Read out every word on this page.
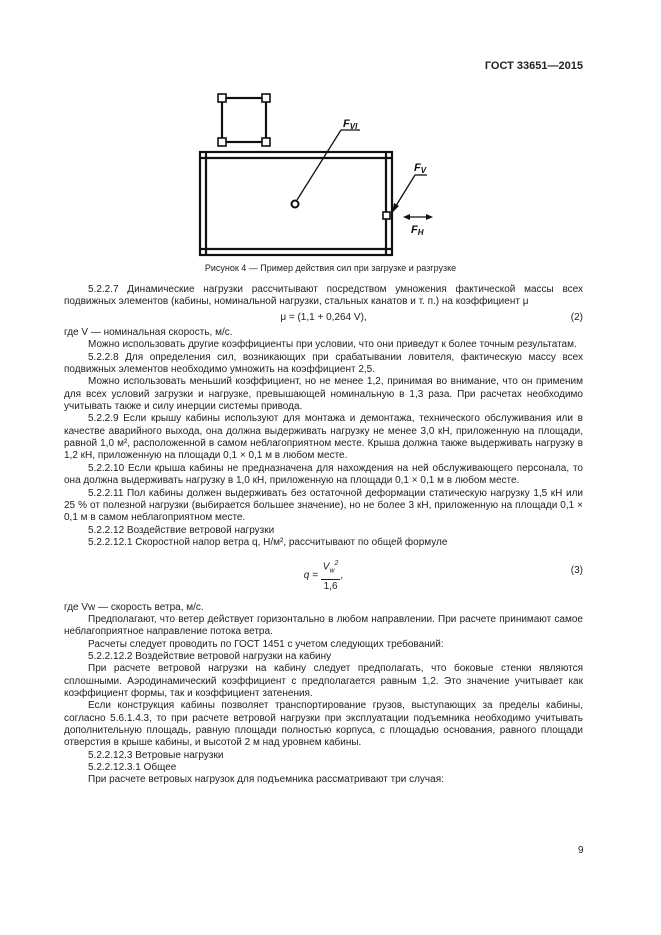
ГОСТ 33651—2015
FVI
FV
FH
Рисунок 4 — Пример действия сил при загрузке и разгрузке

5.2.2.7 Динамические нагрузки рассчитывают посредством умножения фактической массы всех подвижных элементов (кабины, номинальной нагрузки, стальных канатов и т. п.) на коэффициент μ

μ = (1,1 + 0,264 V),	(2)

где V — номинальная скорость, м/с.

Можно использовать другие коэффициенты при условии, что они приведут к более точным результатам.

5.2.2.8 Для определения сил, возникающих при срабатывании ловителя, фактическую массу всех подвижных элементов необходимо умножить на коэффициент 2,5.

Можно использовать меньший коэффициент, но не менее 1,2, принимая во внимание, что он применим для всех условий загрузки и нагрузке, превышающей номинальную в 1,3 раза. При расчетах необходимо учитывать также и силу инерции системы привода.

5.2.2.9 Если крышу кабины используют для монтажа и демонтажа, технического обслуживания или в качестве аварийного выхода, она должна выдерживать нагрузку не менее 3,0 кН, приложенную на площади, равной 1,0 м², расположенной в самом неблагоприятном месте. Крыша должна также выдерживать нагрузку в 1,2 кН, приложенную на площади 0,1 × 0,1 м в любом месте.

5.2.2.10 Если крыша кабины не предназначена для нахождения на ней обслуживающего персонала, то она должна выдерживать нагрузку в 1,0 кН, приложенную на площади 0,1 × 0,1 м в любом месте.

5.2.2.11 Пол кабины должен выдерживать без остаточной деформации статическую нагрузку 1,5 кН или 25 % от полезной нагрузки (выбирается большее значение), но не более 3 кН, приложенную на площади 0,1 × 0,1 м в самом неблагоприятном месте.

5.2.2.12 Воздействие ветровой нагрузки

5.2.2.12.1 Скоростной напор ветра q, Н/м², рассчитывают по общей формуле

$q = \frac{V_w^2}{1,6}$ ,	(3)

где Vw — скорость ветра, м/с.

Предполагают, что ветер действует горизонтально в любом направлении. При расчете принимают самое неблагоприятное направление потока ветра.

Расчеты следует проводить по ГОСТ 1451 с учетом следующих требований:

5.2.2.12.2 Воздействие ветровой нагрузки на кабину

При расчете ветровой нагрузки на кабину следует предполагать, что боковые стенки являются сплошными. Аэродинамический коэффициент с предполагается равным 1,2. Это значение учитывает как коэффициент формы, так и коэффициент затенения.

Если конструкция кабины позволяет транспортирование грузов, выступающих за пределы кабины, согласно 5.6.1.4.3, то при расчете ветровой нагрузки при эксплуатации подъемника необходимо учитывать дополнительную площадь, равную площади полностью корпуса, с площадью основания, равного площади отверстия в крыше кабины, и высотой 2 м над уровнем кабины.

5.2.2.12.3 Ветровые нагрузки

5.2.2.12.3.1 Общее

При расчете ветровых нагрузок для подъемника рассматривают три случая:

9
